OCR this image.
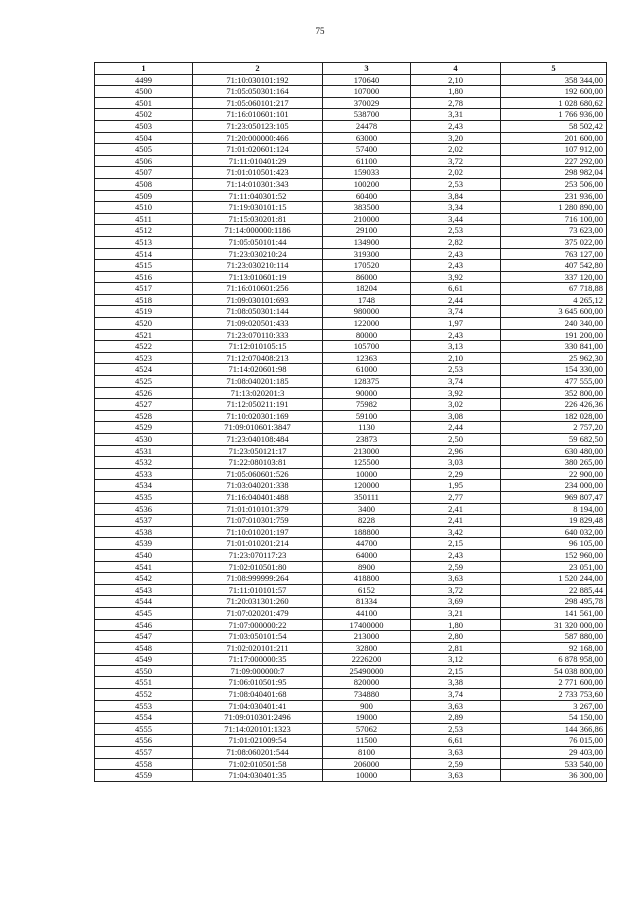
75
1	2	3	4	5
4499	71:10:030101:192	170640	2,10	358 344,00
4500	71:05:050301:164	107000	1,80	192 600,00
4501	71:05:060101:217	370029	2,78	1 028 680,62
4502	71:16:010601:101	538700	3,31	1 766 936,00
4503	71:23:050123:105	24478	2,43	58 502,42
4504	71:20:000000:466	63000	3,20	201 600,00
4505	71:01:020601:124	57400	2,02	107 912,00
4506	71:11:010401:29	61100	3,72	227 292,00
4507	71:01:010501:423	159033	2,02	298 982,04
4508	71:14:010301:343	100200	2,53	253 506,00
4509	71:11:040301:52	60400	3,84	231 936,00
4510	71:19:030101:15	383500	3,34	1 280 890,00
4511	71:15:030201:81	210000	3,44	716 100,00
4512	71:14:000000:1186	29100	2,53	73 623,00
4513	71:05:050101:44	134900	2,82	375 022,00
4514	71:23:030210:24	319300	2,43	763 127,00
4515	71:23:030210:114	170520	2,43	407 542,80
4516	71:13:010601:19	86000	3,92	337 120,00
4517	71:16:010601:256	18204	6,61	67 718,88
4518	71:09:030101:693	1748	2,44	4 265,12
4519	71:08:050301:144	980000	3,74	3 645 600,00
4520	71:09:020501:433	122000	1,97	240 340,00
4521	71:23:070110:333	80000	2,43	191 200,00
4522	71:12:010105:15	105700	3,13	330 841,00
4523	71:12:070408:213	12363	2,10	25 962,30
4524	71:14:020601:98	61000	2,53	154 330,00
4525	71:08:040201:185	128375	3,74	477 555,00
4526	71:13:020201:3	90000	3,92	352 800,00
4527	71:12:050211:191	75982	3,02	226 426,36
4528	71:10:020301:169	59100	3,08	182 028,00
4529	71:09:010601:3847	1130	2,44	2 757,20
4530	71:23:040108:484	23873	2,50	59 682,50
4531	71:23:050121:17	213000	2,96	630 480,00
4532	71:22:080103:81	125500	3,03	380 265,00
4533	71:05:060601:526	10000	2,29	22 900,00
4534	71:03:040201:338	120000	1,95	234 000,00
4535	71:16:040401:488	350111	2,77	969 807,47
4536	71:01:010101:379	3400	2,41	8 194,00
4537	71:07:010301:759	8228	2,41	19 829,48
4538	71:10:010201:197	188800	3,42	640 032,00
4539	71:01:010201:214	44700	2,15	96 105,00
4540	71:23:070117:23	64000	2,43	152 960,00
4541	71:02:010501:80	8900	2,59	23 051,00
4542	71:08:999999:264	418800	3,63	1 520 244,00
4543	71:11:010101:57	6152	3,72	22 885,44
4544	71:20:031301:260	81334	3,69	298 495,78
4545	71:07:020201:479	44100	3,21	141 561,00
4546	71:07:000000:22	17400000	1,80	31 320 000,00
4547	71:03:050101:54	213000	2,80	587 880,00
4548	71:02:020101:211	32800	2,81	92 168,00
4549	71:17:000000:35	2226200	3,12	6 878 958,00
4550	71:09:000000:7	25490000	2,15	54 038 800,00
4551	71:06:010501:95	820000	3,38	2 771 600,00
4552	71:08:040401:68	734880	3,74	2 733 753,60
4553	71:04:030401:41	900	3,63	3 267,00
4554	71:09:010301:2496	19000	2,89	54 150,00
4555	71:14:020101:1323	57062	2,53	144 366,86
4556	71:01:021009:54	11500	6,61	76 015,00
4557	71:08:060201:544	8100	3,63	29 403,00
4558	71:02:010501:58	206000	2,59	533 540,00
4559	71:04:030401:35	10000	3,63	36 300,00
